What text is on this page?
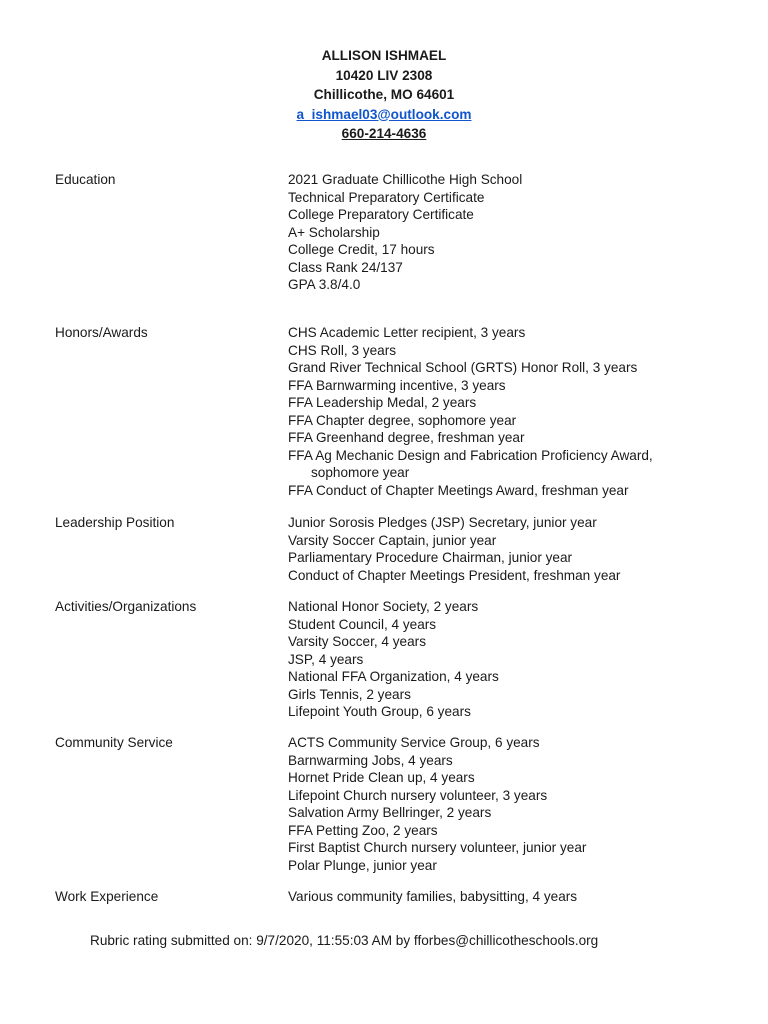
ALLISON ISHMAEL
10420 LIV 2308
Chillicothe, MO 64601
a_ishmael03@outlook.com
660-214-4636
Education	2021 Graduate Chillicothe High School
Technical Preparatory Certificate
College Preparatory Certificate
A+ Scholarship
College Credit, 17 hours
Class Rank 24/137
GPA 3.8/4.0
Honors/Awards	CHS Academic Letter recipient, 3 years
CHS Roll, 3 years
Grand River Technical School (GRTS) Honor Roll, 3 years
FFA Barnwarming incentive, 3 years
FFA Leadership Medal, 2 years
FFA Chapter degree, sophomore year
FFA Greenhand degree, freshman year
FFA Ag Mechanic Design and Fabrication Proficiency Award,
sophomore year
FFA Conduct of Chapter Meetings Award, freshman year
Leadership Position	Junior Sorosis Pledges (JSP) Secretary, junior year
Varsity Soccer Captain, junior year
Parliamentary Procedure Chairman, junior year
Conduct of Chapter Meetings President, freshman year
Activities/Organizations	National Honor Society, 2 years
Student Council, 4 years
Varsity Soccer, 4 years
JSP, 4 years
National FFA Organization, 4 years
Girls Tennis, 2 years
Lifepoint Youth Group, 6 years
Community Service	ACTS Community Service Group, 6 years
Barnwarming Jobs, 4 years
Hornet Pride Clean up, 4 years
Lifepoint Church nursery volunteer, 3 years
Salvation Army Bellringer, 2 years
FFA Petting Zoo, 2 years
First Baptist Church nursery volunteer, junior year
Polar Plunge, junior year
Work Experience	Various community families, babysitting, 4 years
Rubric rating submitted on: 9/7/2020, 11:55:03 AM by fforbes@chillicotheschools.org
